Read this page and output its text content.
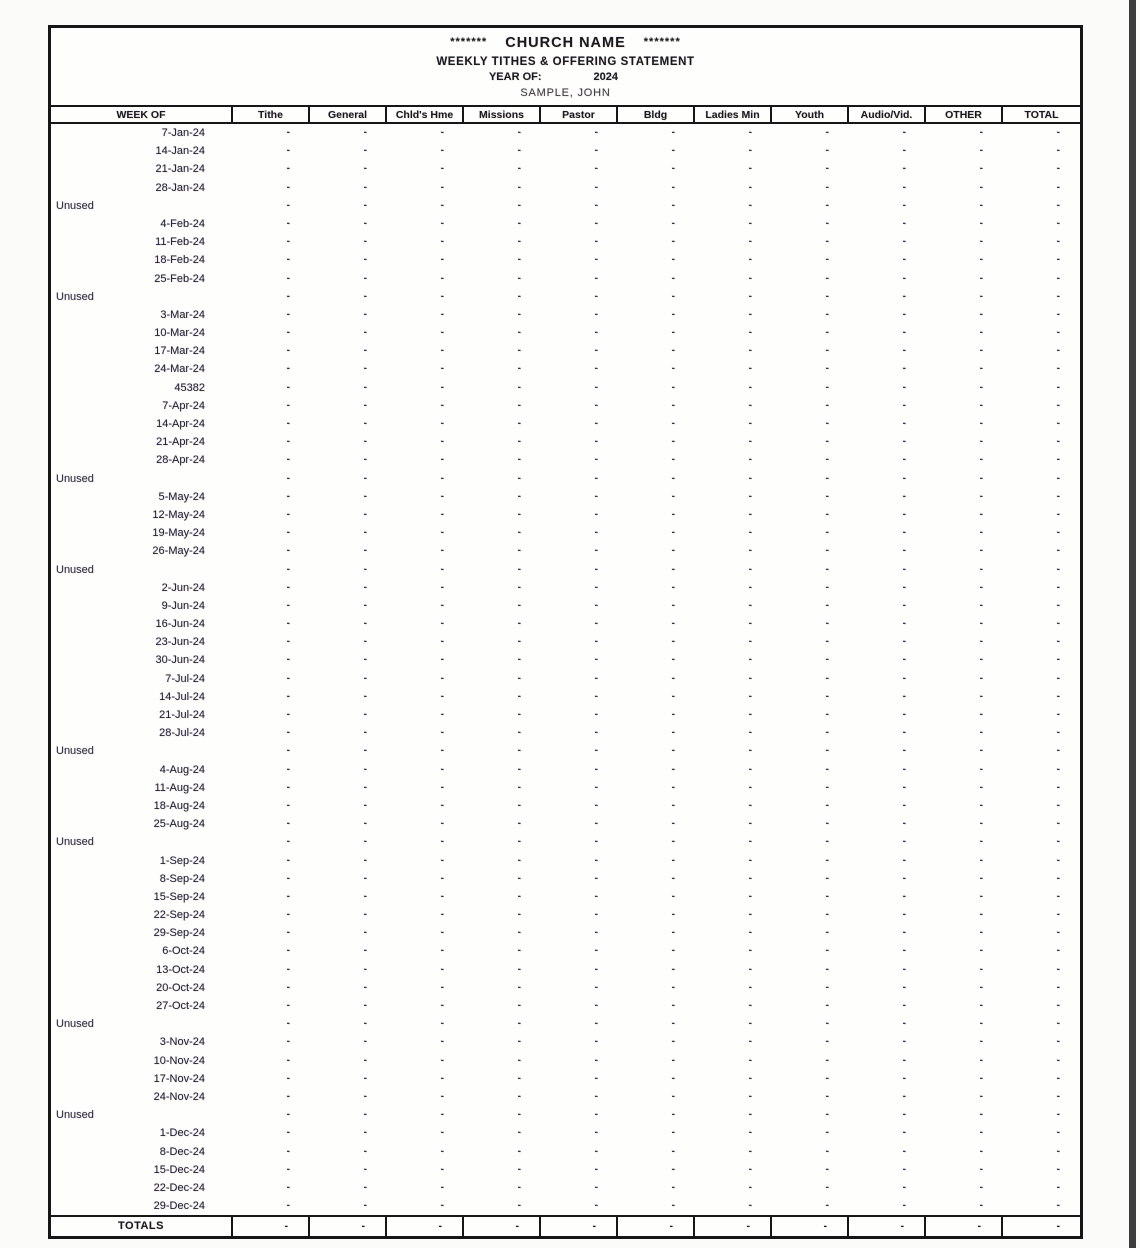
******* CHURCH NAME *******
WEEKLY TITHES & OFFERING STATEMENT
YEAR OF:	2024
SAMPLE, JOHN
WEEK OF	Tithe	General	Chld's Hme	Missions	Pastor	Bldg	Ladies Min	Youth	Audio/Vid.	OTHER	TOTAL
7-Jan-24	-	-	-	-	-	-	-	-	-	-	-
14-Jan-24	-	-	-	-	-	-	-	-	-	-	-
21-Jan-24	-	-	-	-	-	-	-	-	-	-	-
28-Jan-24	-	-	-	-	-	-	-	-	-	-	-
Unused	-	-	-	-	-	-	-	-	-	-	-
4-Feb-24	-	-	-	-	-	-	-	-	-	-	-
11-Feb-24	-	-	-	-	-	-	-	-	-	-	-
18-Feb-24	-	-	-	-	-	-	-	-	-	-	-
25-Feb-24	-	-	-	-	-	-	-	-	-	-	-
Unused	-	-	-	-	-	-	-	-	-	-	-
3-Mar-24	-	-	-	-	-	-	-	-	-	-	-
10-Mar-24	-	-	-	-	-	-	-	-	-	-	-
17-Mar-24	-	-	-	-	-	-	-	-	-	-	-
24-Mar-24	-	-	-	-	-	-	-	-	-	-	-
45382	-	-	-	-	-	-	-	-	-	-	-
7-Apr-24	-	-	-	-	-	-	-	-	-	-	-
14-Apr-24	-	-	-	-	-	-	-	-	-	-	-
21-Apr-24	-	-	-	-	-	-	-	-	-	-	-
28-Apr-24	-	-	-	-	-	-	-	-	-	-	-
Unused	-	-	-	-	-	-	-	-	-	-	-
5-May-24	-	-	-	-	-	-	-	-	-	-	-
12-May-24	-	-	-	-	-	-	-	-	-	-	-
19-May-24	-	-	-	-	-	-	-	-	-	-	-
26-May-24	-	-	-	-	-	-	-	-	-	-	-
Unused	-	-	-	-	-	-	-	-	-	-	-
2-Jun-24	-	-	-	-	-	-	-	-	-	-	-
9-Jun-24	-	-	-	-	-	-	-	-	-	-	-
16-Jun-24	-	-	-	-	-	-	-	-	-	-	-
23-Jun-24	-	-	-	-	-	-	-	-	-	-	-
30-Jun-24	-	-	-	-	-	-	-	-	-	-	-
7-Jul-24	-	-	-	-	-	-	-	-	-	-	-
14-Jul-24	-	-	-	-	-	-	-	-	-	-	-
21-Jul-24	-	-	-	-	-	-	-	-	-	-	-
28-Jul-24	-	-	-	-	-	-	-	-	-	-	-
Unused	-	-	-	-	-	-	-	-	-	-	-
4-Aug-24	-	-	-	-	-	-	-	-	-	-	-
11-Aug-24	-	-	-	-	-	-	-	-	-	-	-
18-Aug-24	-	-	-	-	-	-	-	-	-	-	-
25-Aug-24	-	-	-	-	-	-	-	-	-	-	-
Unused	-	-	-	-	-	-	-	-	-	-	-
1-Sep-24	-	-	-	-	-	-	-	-	-	-	-
8-Sep-24	-	-	-	-	-	-	-	-	-	-	-
15-Sep-24	-	-	-	-	-	-	-	-	-	-	-
22-Sep-24	-	-	-	-	-	-	-	-	-	-	-
29-Sep-24	-	-	-	-	-	-	-	-	-	-	-
6-Oct-24	-	-	-	-	-	-	-	-	-	-	-
13-Oct-24	-	-	-	-	-	-	-	-	-	-	-
20-Oct-24	-	-	-	-	-	-	-	-	-	-	-
27-Oct-24	-	-	-	-	-	-	-	-	-	-	-
Unused	-	-	-	-	-	-	-	-	-	-	-
3-Nov-24	-	-	-	-	-	-	-	-	-	-	-
10-Nov-24	-	-	-	-	-	-	-	-	-	-	-
17-Nov-24	-	-	-	-	-	-	-	-	-	-	-
24-Nov-24	-	-	-	-	-	-	-	-	-	-	-
Unused	-	-	-	-	-	-	-	-	-	-	-
1-Dec-24	-	-	-	-	-	-	-	-	-	-	-
8-Dec-24	-	-	-	-	-	-	-	-	-	-	-
15-Dec-24	-	-	-	-	-	-	-	-	-	-	-
22-Dec-24	-	-	-	-	-	-	-	-	-	-	-
29-Dec-24	-	-	-	-	-	-	-	-	-	-	-
TOTALS	-	-	-	-	-	-	-	-	-	-	-
